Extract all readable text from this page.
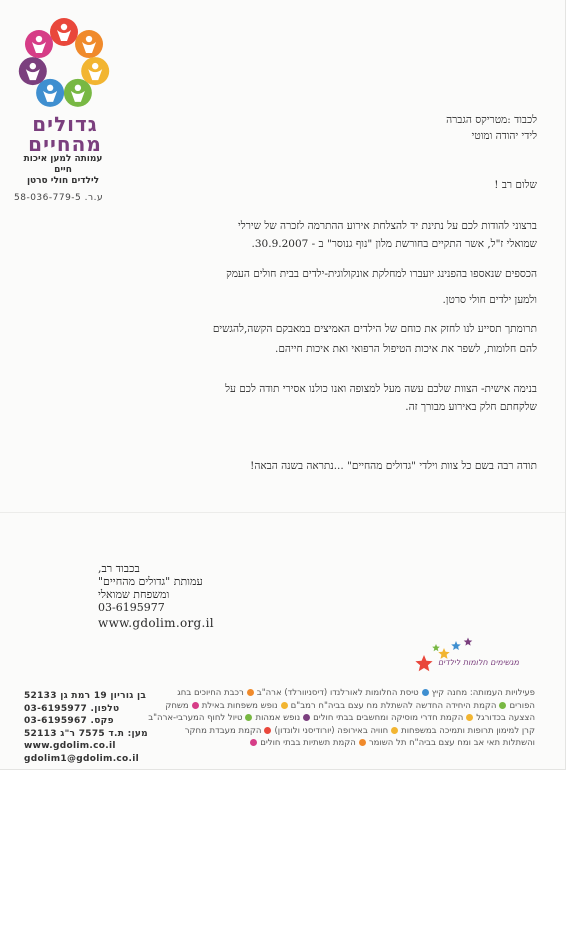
גדולים
מהחיים
עמותה למען איכות חיים
לילדים חולי סרטן
ע.ר. 58-036-779-5
לכבוד :מטריקס הגברה
לידי יהודה ומוטי
שלום רב !
ברצוני להודות לכם על נתינת יד להצלחת אירוע ההתרמה לזכרה של שירלי
שמואלי ז"ל, אשר התקיים בחורשת מלון "נוף גנוסר" ב - 30.9.2007.
הכספים שנאספו בהפנינג יועברו למחלקת אונקולוגית-ילדים בבית חולים העמק
ולמען ילדים חולי סרטן.
תרומתך תסייע לנו לחזק את כוחם של הילדים האמיצים במאבקם הקשה,להגשים
להם חלומות, לשפר את איכות הטיפול הרפואי ואת איכות חייהם.
בנימה אישית- הצוות שלכם עשה מעל למצופה ואנו כולנו אסירי תודה לכם על
שלקחתם חלק באירוע מבורך זה.
תודה רבה בשם כל צוות וילדי "גדולים מהחיים" ...נתראה בשנה הבאה!
בכבוד רב,
עמותת "גדולים מהחיים"
ומשפחת שמואלי
03-6195977
www.gdolim.org.il
מגשימים חלומות לילדים
בן גוריון 19 רמת גן 52133
טלפון. 03-6195977
פקס. 03-6195967
מען: ת.ד 7575 ר"ג 52113
www.gdolim.co.il
gdolim1@gdolim.co.il
פעילויות העמותה: מחנה קיץטיסת החלומות לאורלנדו (דיסניוורלד) ארה"ברכבת החיוכים בחג
הפוריםהקמת היחידה החדשה להשתלת מח עצם בביה"ח רמב"םנופש משפחות באילתמשחק
הצצעה בכדורגלהקמת חדרי מוסיקה ומחשבים בבתי חוליםנופש אמהותטיול לחוף המערבי-ארה"ב
קרן למימון תרופות ותמיכה במשפחותחוויה באירופה (יורודיסני ולונדון)הקמת מעבדת מחקר
והשתלות תאי אב ומח עצם בביה"ח תל השומרהקמת תשתיות בבתי חולים
